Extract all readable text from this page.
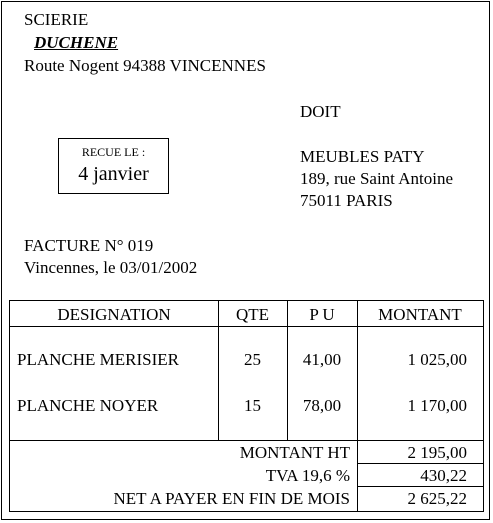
SCIERIE
DUCHENE
Route Nogent 94388 VINCENNES
DOIT
RECUE LE :
4 janvier
MEUBLES PATY
189, rue Saint Antoine
75011 PARIS
FACTURE N° 019
Vincennes, le 03/01/2002
DESIGNATION	QTE	P U	MONTANT
PLANCHE MERISIER	25	41,00	1 025,00
PLANCHE NOYER	15	78,00	1 170,00
MONTANT HT	2 195,00
TVA 19,6 %	430,22
NET A PAYER EN FIN DE MOIS	2 625,22
